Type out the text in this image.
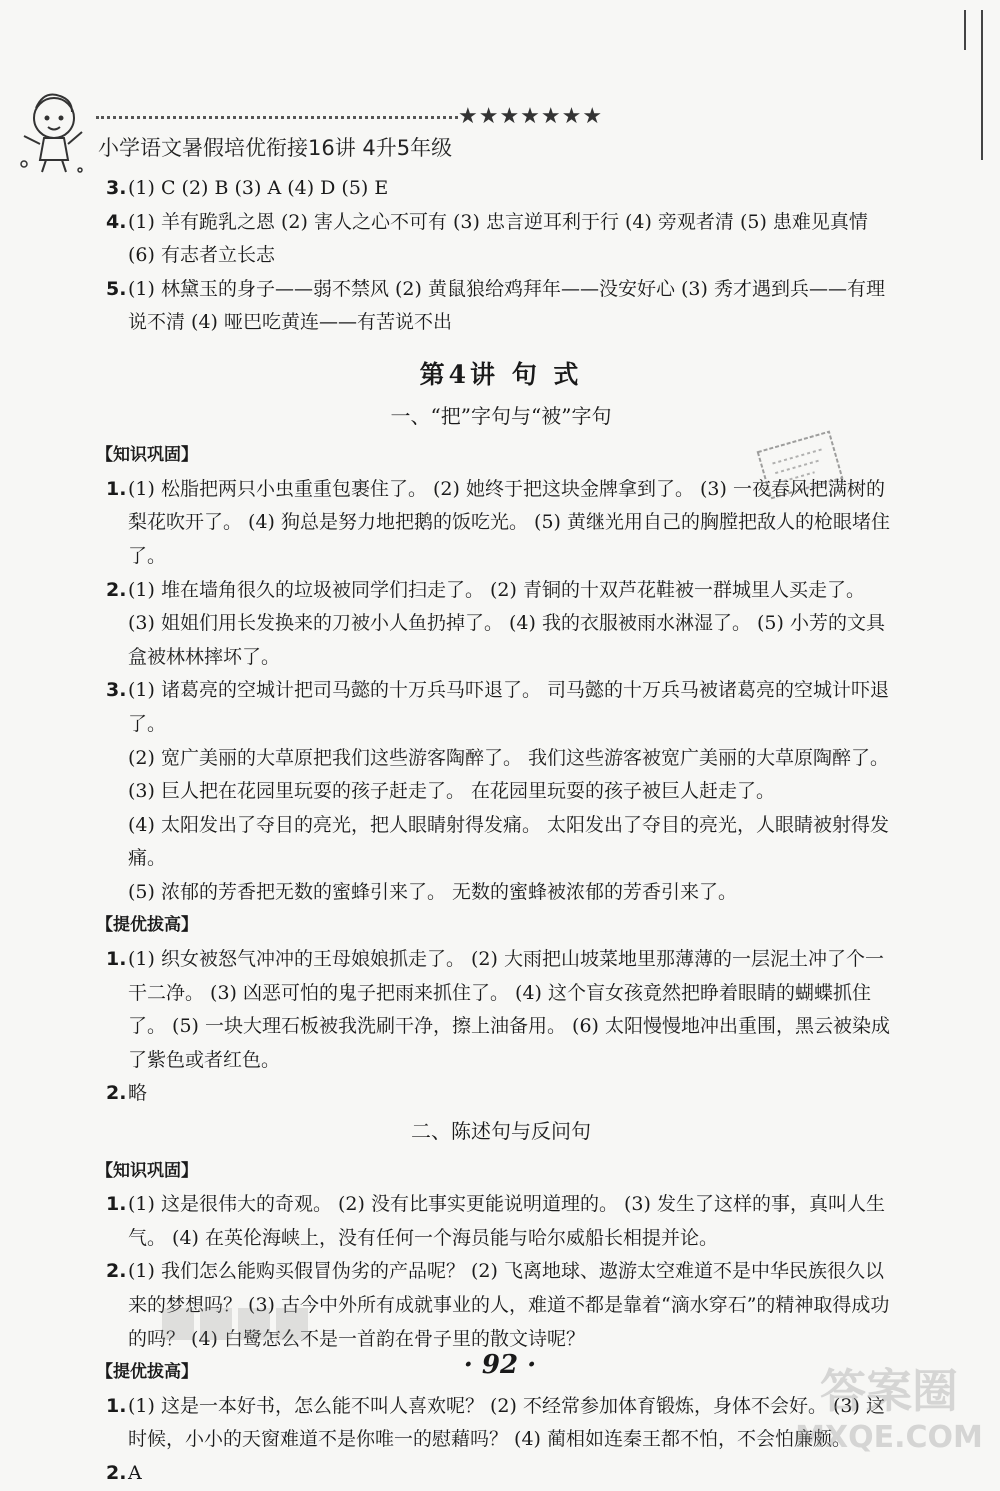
★★★★★★★
小学语文暑假培优衔接16讲 4升5年级
3. (1) C (2) B (3) A (4) D (5) E

4. (1) 羊有跪乳之恩 (2) 害人之心不可有 (3) 忠言逆耳利于行 (4) 旁观者清 (5) 患难见真情

(6) 有志者立长志

5. (1) 林黛玉的身子——弱不禁风 (2) 黄鼠狼给鸡拜年——没安好心 (3) 秀才遇到兵——有理说不清 (4) 哑巴吃黄连——有苦说不出

第4讲 句 式
一、“把”字句与“被”字句
【知识巩固】
1. (1) 松脂把两只小虫重重包裹住了。 (2) 她终于把这块金牌拿到了。 (3) 一夜春风把满树的梨花吹开了。 (4) 狗总是努力地把鹅的饭吃光。 (5) 黄继光用自己的胸膛把敌人的枪眼堵住了。

2. (1) 堆在墙角很久的垃圾被同学们扫走了。 (2) 青铜的十双芦花鞋被一群城里人买走了。 (3) 姐姐们用长发换来的刀被小人鱼扔掉了。 (4) 我的衣服被雨水淋湿了。 (5) 小芳的文具盒被林林摔坏了。

3. (1) 诸葛亮的空城计把司马懿的十万兵马吓退了。 司马懿的十万兵马被诸葛亮的空城计吓退了。

(2) 宽广美丽的大草原把我们这些游客陶醉了。 我们这些游客被宽广美丽的大草原陶醉了。

(3) 巨人把在花园里玩耍的孩子赶走了。 在花园里玩耍的孩子被巨人赶走了。

(4) 太阳发出了夺目的亮光，把人眼睛射得发痛。 太阳发出了夺目的亮光，人眼睛被射得发痛。

(5) 浓郁的芳香把无数的蜜蜂引来了。 无数的蜜蜂被浓郁的芳香引来了。

【提优拔高】
1. (1) 织女被怒气冲冲的王母娘娘抓走了。 (2) 大雨把山坡菜地里那薄薄的一层泥土冲了个一干二净。 (3) 凶恶可怕的鬼子把雨来抓住了。 (4) 这个盲女孩竟然把睁着眼睛的蝴蝶抓住了。 (5) 一块大理石板被我洗刷干净，擦上油备用。 (6) 太阳慢慢地冲出重围，黑云被染成了紫色或者红色。

2. 略

二、陈述句与反问句
【知识巩固】
1. (1) 这是很伟大的奇观。 (2) 没有比事实更能说明道理的。 (3) 发生了这样的事，真叫人生气。 (4) 在英伦海峡上，没有任何一个海员能与哈尔威船长相提并论。

2. (1) 我们怎么能购买假冒伪劣的产品呢？ (2) 飞离地球、遨游太空难道不是中华民族很久以来的梦想吗？ (3) 古今中外所有成就事业的人，难道不都是靠着“滴水穿石”的精神取得成功的吗？ (4) 白鹭怎么不是一首韵在骨子里的散文诗呢？

【提优拔高】
1. (1) 这是一本好书，怎么能不叫人喜欢呢？ (2) 不经常参加体育锻炼，身体不会好。 (3) 这时候，小小的天窗难道不是你唯一的慰藉吗？ (4) 蔺相如连秦王都不怕，不会怕廉颇。

2. A

· 92 ·	答案圈
MXQE.COM
